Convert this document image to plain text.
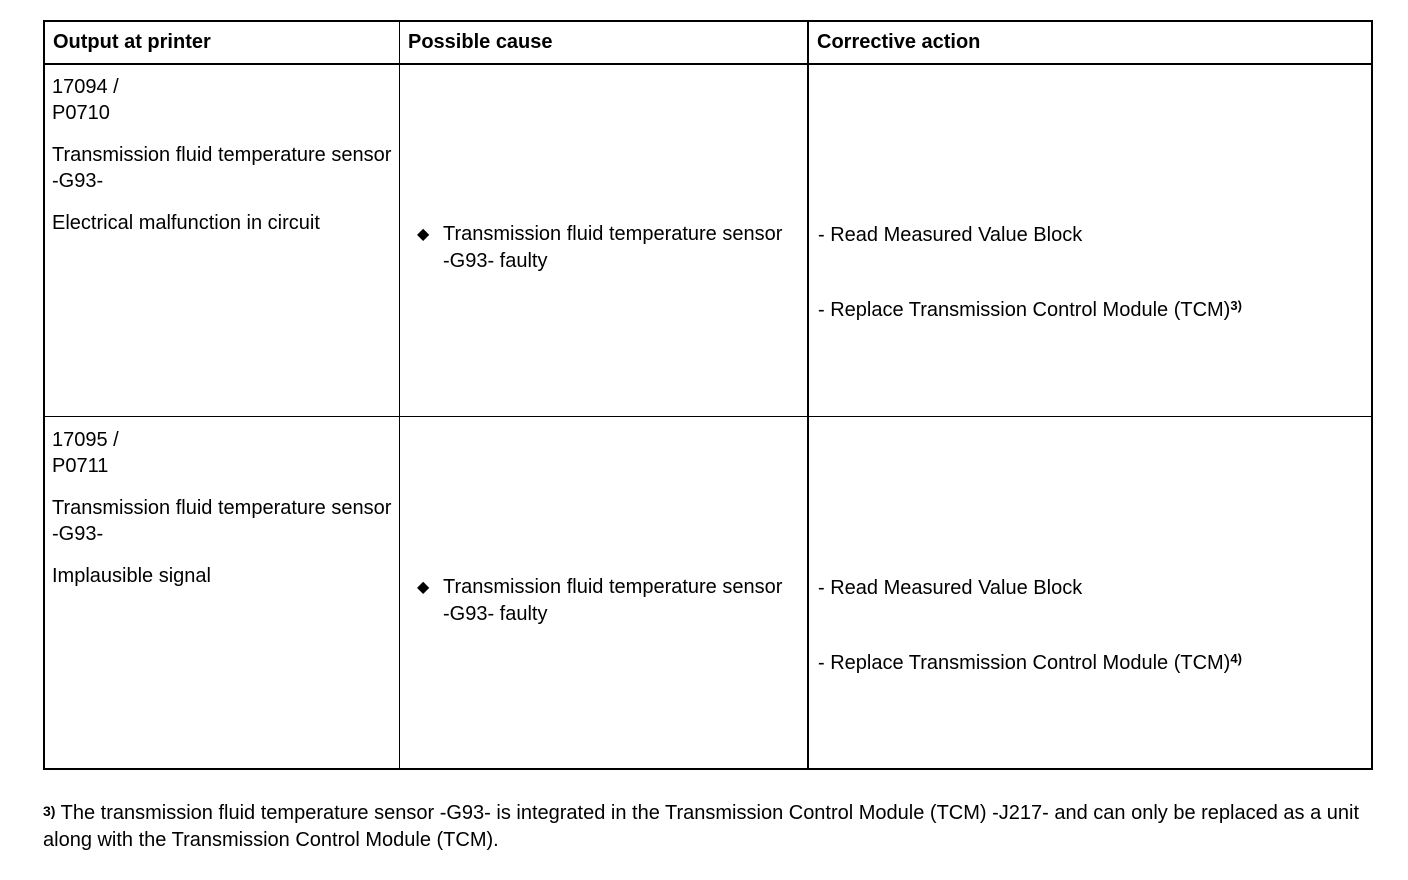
Output at printer	Possible cause	Corrective action
17094 /
P0710
Transmission fluid temperature sensor -G93-
Electrical malfunction in circuit
◆ Transmission fluid temperature sensor -G93- faulty
- Read Measured Value Block
- Replace Transmission Control Module (TCM)$^{3)}$
17095 /
P0711
Transmission fluid temperature sensor -G93-
Implausible signal
◆ Transmission fluid temperature sensor -G93- faulty
- Read Measured Value Block
- Replace Transmission Control Module (TCM)$^{4)}$
$^{3)}$ The transmission fluid temperature sensor -G93- is integrated in the Transmission Control Module (TCM) -J217- and can only be replaced as a unit along with the Transmission Control Module (TCM).
